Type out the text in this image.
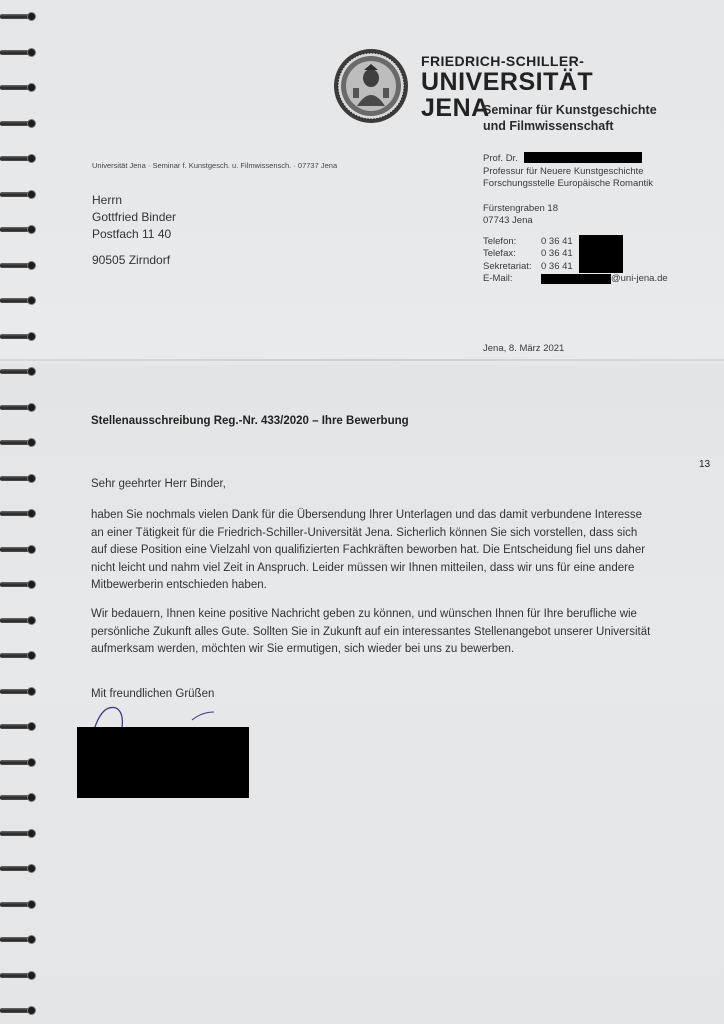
FRIEDRICH-SCHILLER-
UNIVERSITÄT
JENA
Seminar für Kunstgeschichte
und Filmwissenschaft
Universität Jena · Seminar f. Kunstgesch. u. Filmwissensch. · 07737 Jena
Herrn
Gottfried Binder
Postfach 11 40
90505 Zirndorf
Prof. Dr.
Professur für Neuere Kunstgeschichte
Forschungsstelle Europäische Romantik
Fürstengraben 18
07743 Jena
Telefon:	0 36 41
Telefax:	0 36 41
Sekretariat: 0 36 41
E-Mail:	@uni-jena.de
Jena, 8. März 2021
13
Stellenausschreibung Reg.-Nr. 433/2020 – Ihre Bewerbung
Sehr geehrter Herr Binder,
haben Sie nochmals vielen Dank für die Übersendung Ihrer Unterlagen und das damit verbundene Interesse an einer Tätigkeit für die Friedrich-Schiller-Universität Jena. Sicherlich können Sie sich vorstellen, dass sich auf diese Position eine Vielzahl von qualifizierten Fachkräften beworben hat. Die Entscheidung fiel uns daher nicht leicht und nahm viel Zeit in Anspruch. Leider müssen wir Ihnen mitteilen, dass wir uns für eine andere Mitbewerberin entschieden haben.
Wir bedauern, Ihnen keine positive Nachricht geben zu können, und wünschen Ihnen für Ihre berufliche wie persönliche Zukunft alles Gute. Sollten Sie in Zukunft auf ein interessantes Stellenangebot unserer Universität aufmerksam werden, möchten wir Sie ermutigen, sich wieder bei uns zu bewerben.
Mit freundlichen Grüßen
